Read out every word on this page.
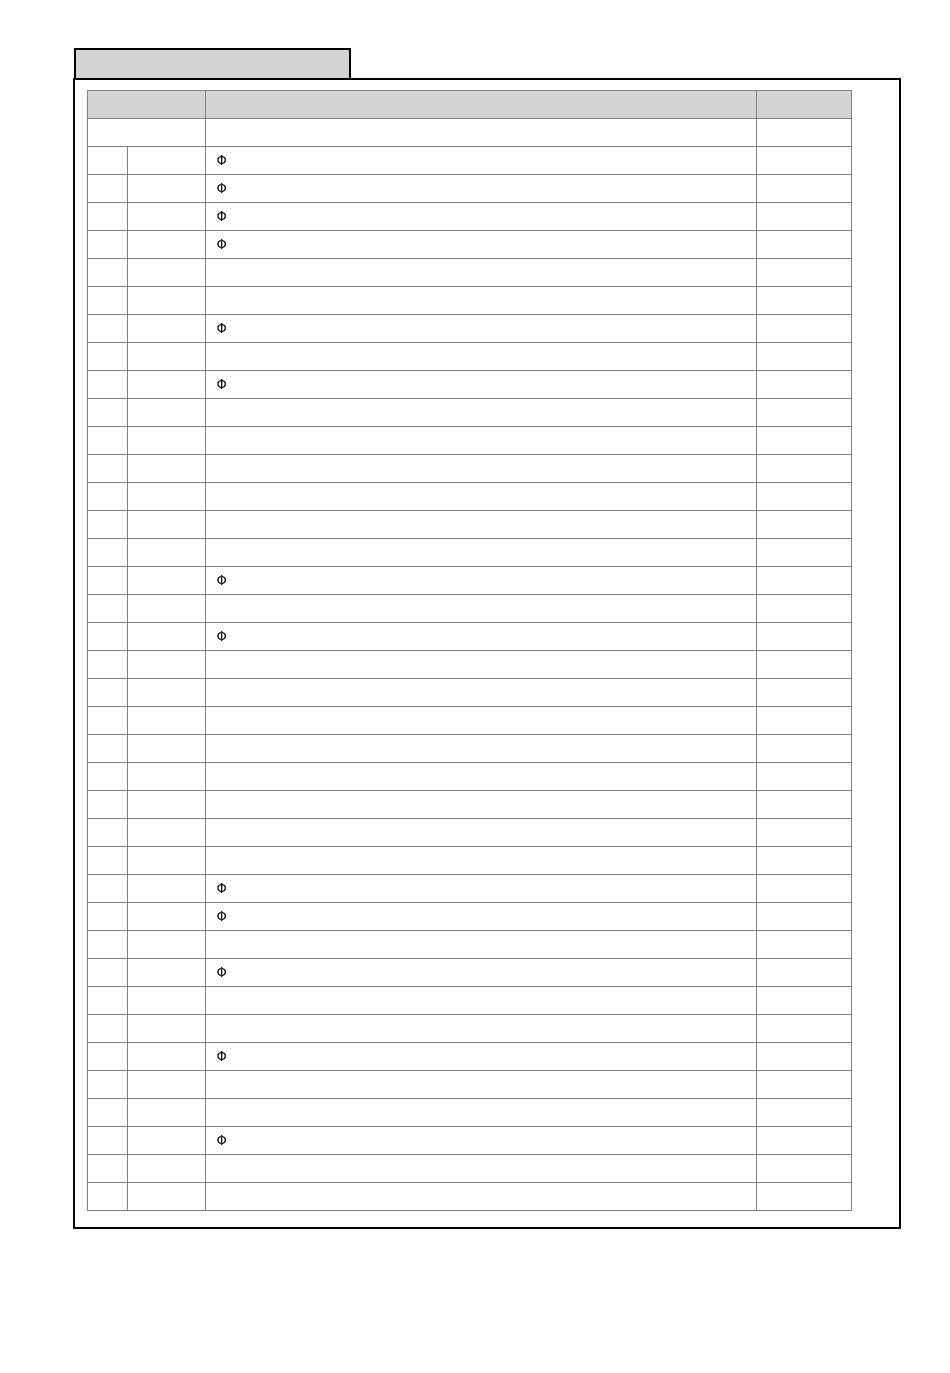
		Φ	
		Φ	
		Φ	
		Φ	

		Φ	

		Φ	

		Φ	

		Φ	

		Φ	
		Φ	

		Φ	

		Φ	

		Φ	
